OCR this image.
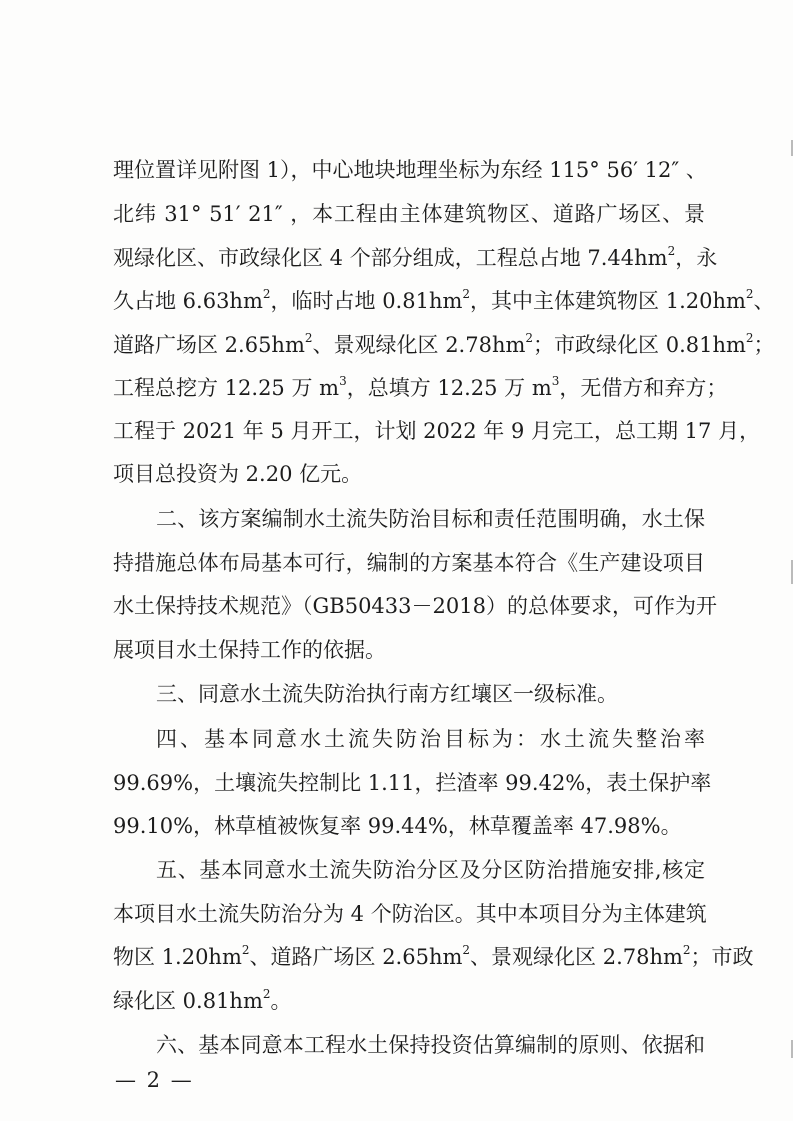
理位置详见附图 1），中心地块地理坐标为东经 115° 56′ 12″ 、
北纬 31° 51′ 21″ ，本工程由主体建筑物区、道路广场区、景
观绿化区、市政绿化区 4 个部分组成，工程总占地 $7.44hm^2$，永
久占地 $6.63hm^2$，临时占地 $0.81hm^2$，其中主体建筑物区 $1.20hm^2$、
道路广场区 $2.65hm^2$、景观绿化区 $2.78hm^2$；市政绿化区 $0.81hm^2$；
工程总挖方 12.25 万 $m^3$，总填方 12.25 万 $m^3$，无借方和弃方；
工程于 2021 年 5 月开工，计划 2022 年 9 月完工，总工期 17 月，
项目总投资为 2.20 亿元。
二、该方案编制水土流失防治目标和责任范围明确，水土保
持措施总体布局基本可行，编制的方案基本符合《生产建设项目
水土保持技术规范》（GB50433－2018）的总体要求，可作为开
展项目水土保持工作的依据。
三、同意水土流失防治执行南方红壤区一级标准。
四、基本同意水土流失防治目标为：水土流失整治率
99.69%，土壤流失控制比 1.11，拦渣率 99.42%，表土保护率
99.10%，林草植被恢复率 99.44%，林草覆盖率 47.98%。
五、基本同意水土流失防治分区及分区防治措施安排,核定
本项目水土流失防治分为 4 个防治区。其中本项目分为主体建筑
物区 $1.20hm^2$、道路广场区 $2.65hm^2$、景观绿化区 $2.78hm^2$；市政
绿化区 $0.81hm^2$。
六、基本同意本工程水土保持投资估算编制的原则、依据和
— 2 —
